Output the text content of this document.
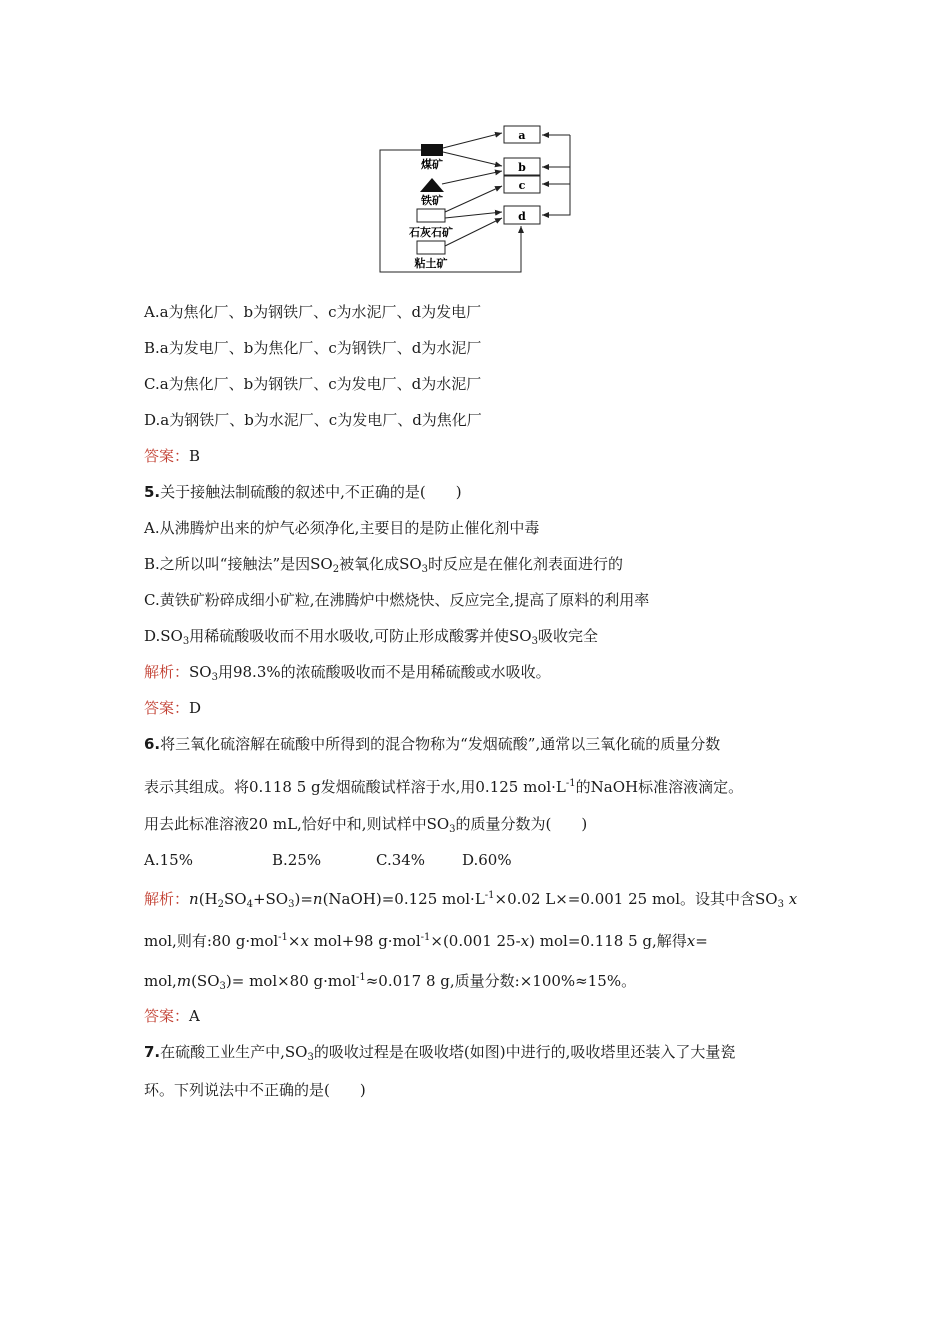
a
b
c
d
煤矿
铁矿
石灰石矿
粘土矿
A.a为焦化厂、b为钢铁厂、c为水泥厂、d为发电厂
B.a为发电厂、b为焦化厂、c为钢铁厂、d为水泥厂
C.a为焦化厂、b为钢铁厂、c为发电厂、d为水泥厂
D.a为钢铁厂、b为水泥厂、c为发电厂、d为焦化厂
答案：B
5.关于接触法制硫酸的叙述中,不正确的是(　　)
A.从沸腾炉出来的炉气必须净化,主要目的是防止催化剂中毒
B.之所以叫“接触法”是因$SO_2$被氧化成$SO_3$时反应是在催化剂表面进行的
C.黄铁矿粉碎成细小矿粒,在沸腾炉中燃烧快、反应完全,提高了原料的利用率
$D.SO_3$用稀硫酸吸收而不用水吸收,可防止形成酸雾并使$SO_3$吸收完全
解析：$SO_3$用98.3%的浓硫酸吸收而不是用稀硫酸或水吸收。
答案：D
6.将三氧化硫溶解在硫酸中所得到的混合物称为“发烟硫酸”,通常以三氧化硫的质量分数
表示其组成。将0.118 5 g发烟硫酸试样溶于水,用0.125 $mol\cdot L^{-1}$的NaOH标准溶液滴定。
用去此标准溶液20 mL,恰好中和,则试样中$SO_3$的质量分数为(　　)
A.15%	B.25%	C.34% D.60%
解析：$n(H_2SO_4+SO_3)=n(NaOH)=0.125$ $mol\cdot L^{-1}\times 0.02$ L×=0.001 25 mol。设其中含$SO_3$ x
mol,则有:80 g·mol$^{-1}$×x mol+98 g·mol$^{-1}$×(0.001 25-x) mol=0.118 5 g,解得x=
$mol,m(SO_3)= mol\times 80$ g·mol$^{-1}$≈0.017 8 g,质量分数:×100%≈15%。
答案：A
7.在硫酸工业生产中$,SO_3$的吸收过程是在吸收塔(如图)中进行的,吸收塔里还装入了大量瓷
环。下列说法中不正确的是(　　)
